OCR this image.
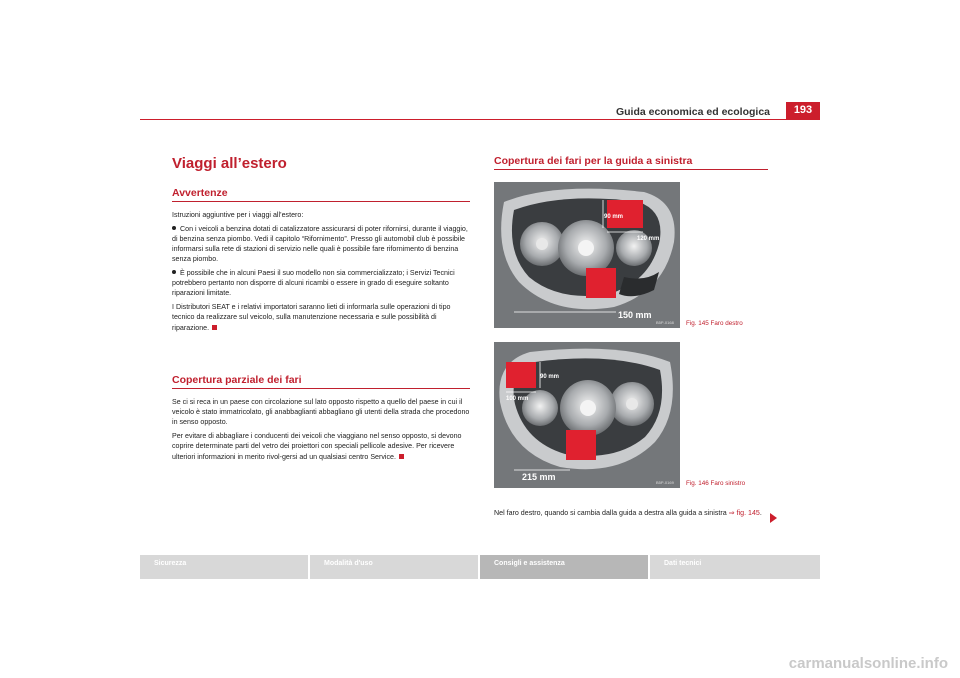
Guida economica ed ecologica	193
Viaggi all’estero
Avvertenze

Istruzioni aggiuntive per i viaggi all’estero:

Con i veicoli a benzina dotati di catalizzatore assicurarsi di poter rifornirsi, durante il viaggio, di benzina senza piombo. Vedi il capitolo “Rifornimento”. Presso gli automobil club è possibile informarsi sulla rete di stazioni di servizio nelle quali è possibile fare rifornimento di benzina senza piombo.

È possibile che in alcuni Paesi il suo modello non sia commercializzato; i Servizi Tecnici potrebbero pertanto non disporre di alcuni ricambi o essere in grado di eseguire soltanto riparazioni limitate.

I Distributori SEAT e i relativi importatori saranno lieti di informarla sulle operazioni di tipo tecnico da realizzare sul veicolo, sulla manutenzione necessaria e sulle possibilità di riparazione.

Copertura parziale dei fari

Se ci si reca in un paese con circolazione sul lato opposto rispetto a quello del paese in cui il veicolo è stato immatricolato, gli anabbaglianti abbagliano gli utenti della strada che procedono in senso opposto.

Per evitare di abbagliare i conducenti dei veicoli che viaggiano nel senso opposto, si devono coprire determinate parti del vetro dei proiettori con speciali pellicole adesive. Per ricevere ulteriori informazioni in merito rivol-gersi ad un qualsiasi centro Service.

Copertura dei fari per la guida a sinistra
90 mm
120 mm
150 mm
B5P-0168 Fig. 145 Faro destro
90 mm
100 mm
215 mm
B5P-0169 Fig. 146 Faro sinistro
Nel faro destro, quando si cambia dalla guida a destra alla guida a sinistra ⇒ fig. 145.
Sicurezza	Modalità d'uso	Consigli e assistenza	Dati tecnici
carmanualsonline.info
